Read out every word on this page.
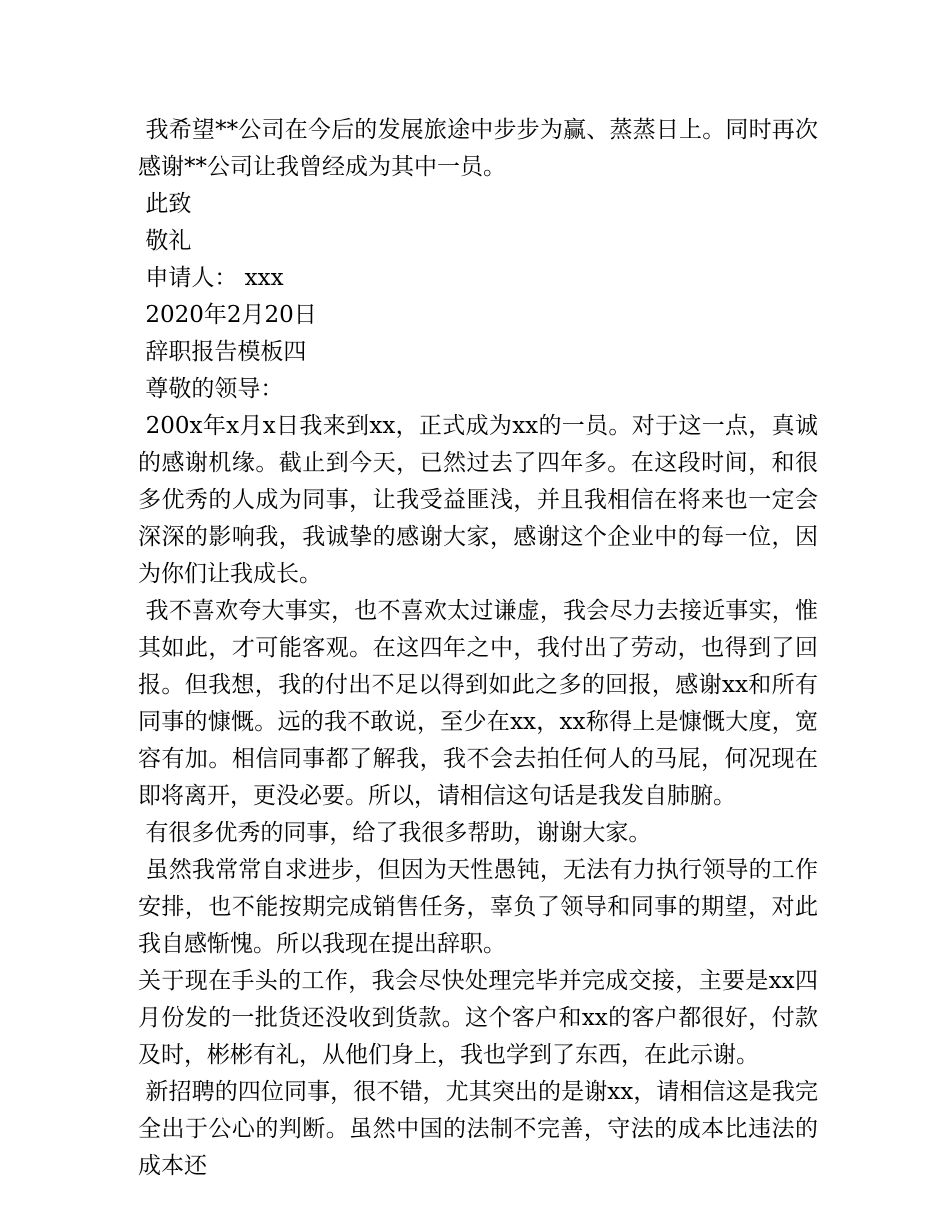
我希望**公司在今后的发展旅途中步步为赢、蒸蒸日上。同时再次感谢**公司让我曾经成为其中一员。

此致

敬礼

申请人： xxx

2020年2月20日

辞职报告模板四

尊敬的领导：

200x年x月x日我来到xx，正式成为xx的一员。对于这一点，真诚的感谢机缘。截止到今天，已然过去了四年多。在这段时间，和很多优秀的人成为同事，让我受益匪浅，并且我相信在将来也一定会深深的影响我，我诚挚的感谢大家，感谢这个企业中的每一位，因为你们让我成长。

我不喜欢夸大事实，也不喜欢太过谦虚，我会尽力去接近事实，惟其如此，才可能客观。在这四年之中，我付出了劳动，也得到了回报。但我想，我的付出不足以得到如此之多的回报，感谢xx和所有同事的慷慨。远的我不敢说，至少在xx，xx称得上是慷慨大度，宽容有加。相信同事都了解我，我不会去拍任何人的马屁，何况现在即将离开，更没必要。所以，请相信这句话是我发自肺腑。

有很多优秀的同事，给了我很多帮助，谢谢大家。

虽然我常常自求进步，但因为天性愚钝，无法有力执行领导的工作安排，也不能按期完成销售任务，辜负了领导和同事的期望，对此我自感惭愧。所以我现在提出辞职。

关于现在手头的工作，我会尽快处理完毕并完成交接，主要是xx四月份发的一批货还没收到货款。这个客户和xx的客户都很好，付款及时，彬彬有礼，从他们身上，我也学到了东西，在此示谢。

新招聘的四位同事，很不错，尤其突出的是谢xx，请相信这是我完全出于公心的判断。虽然中国的法制不完善，守法的成本比违法的成本还
